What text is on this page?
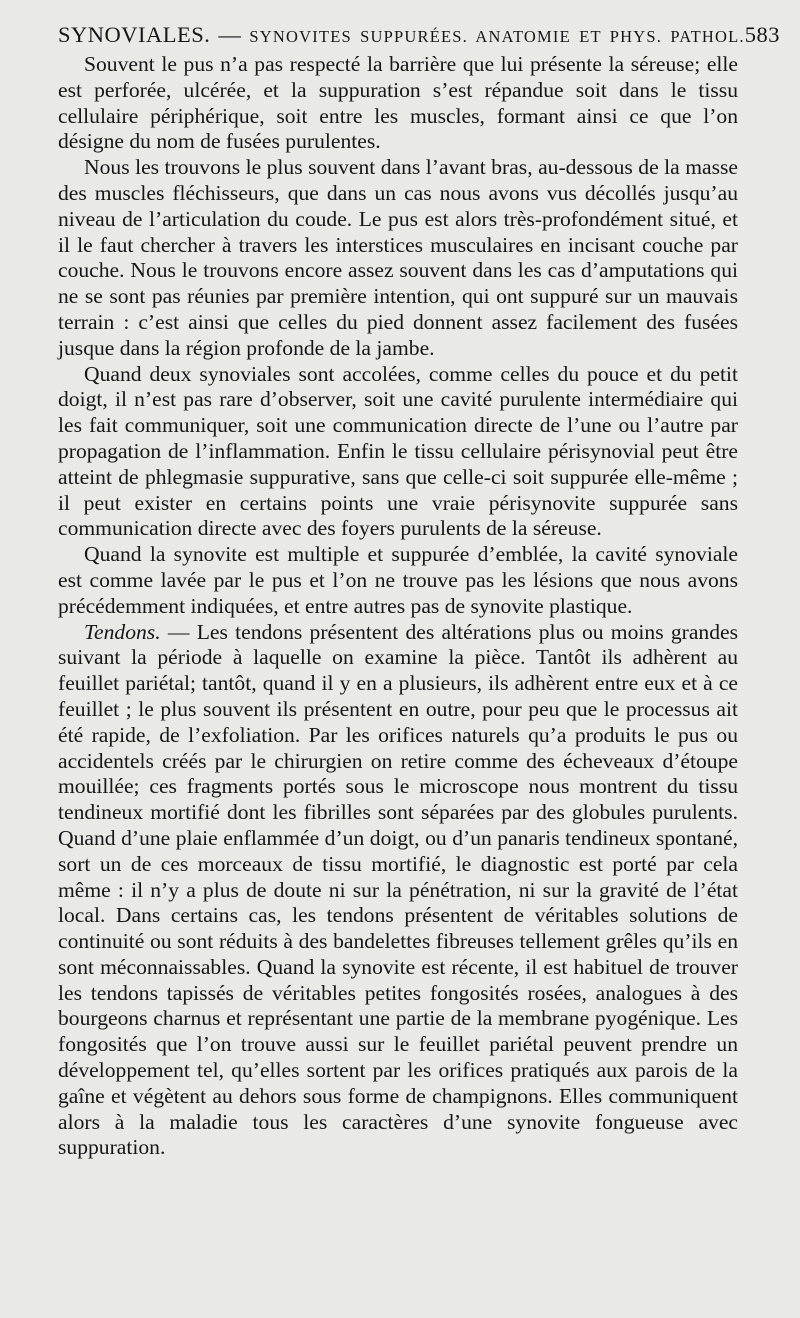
SYNOVIALES. — SYNOVITES SUPPURÉES. ANATOMIE ET PHYS. PATHOL. 583

Souvent le pus n’a pas respecté la barrière que lui présente la séreuse; elle est perforée, ulcérée, et la suppuration s’est répandue soit dans le tissu cellulaire périphérique, soit entre les muscles, formant ainsi ce que l’on désigne du nom de fusées purulentes.

Nous les trouvons le plus souvent dans l’avant bras, au-dessous de la masse des muscles fléchisseurs, que dans un cas nous avons vus décollés jusqu’au niveau de l’articulation du coude. Le pus est alors très-profondément situé, et il le faut chercher à travers les interstices musculaires en incisant couche par couche. Nous le trouvons encore assez souvent dans les cas d’amputations qui ne se sont pas réunies par première intention, qui ont suppuré sur un mauvais terrain : c’est ainsi que celles du pied donnent assez facilement des fusées jusque dans la région profonde de la jambe.

Quand deux synoviales sont accolées, comme celles du pouce et du petit doigt, il n’est pas rare d’observer, soit une cavité purulente intermédiaire qui les fait communiquer, soit une communication directe de l’une ou l’autre par propagation de l’inflammation. Enfin le tissu cellulaire périsynovial peut être atteint de phlegmasie suppurative, sans que celle-ci soit suppurée elle-même ; il peut exister en certains points une vraie périsynovite suppurée sans communication directe avec des foyers purulents de la séreuse.

Quand la synovite est multiple et suppurée d’emblée, la cavité synoviale est comme lavée par le pus et l’on ne trouve pas les lésions que nous avons précédemment indiquées, et entre autres pas de synovite plastique.

Tendons. — Les tendons présentent des altérations plus ou moins grandes suivant la période à laquelle on examine la pièce. Tantôt ils adhèrent au feuillet pariétal; tantôt, quand il y en a plusieurs, ils adhèrent entre eux et à ce feuillet ; le plus souvent ils présentent en outre, pour peu que le processus ait été rapide, de l’exfoliation. Par les orifices naturels qu’a produits le pus ou accidentels créés par le chirurgien on retire comme des écheveaux d’étoupe mouillée; ces fragments portés sous le microscope nous montrent du tissu tendineux mortifié dont les fibrilles sont séparées par des globules purulents. Quand d’une plaie enflammée d’un doigt, ou d’un panaris tendineux spontané, sort un de ces morceaux de tissu mortifié, le diagnostic est porté par cela même : il n’y a plus de doute ni sur la pénétration, ni sur la gravité de l’état local. Dans certains cas, les tendons présentent de véritables solutions de continuité ou sont réduits à des bandelettes fibreuses tellement grêles qu’ils en sont méconnaissables. Quand la synovite est récente, il est habituel de trouver les tendons tapissés de véritables petites fongosités rosées, analogues à des bourgeons charnus et représentant une partie de la membrane pyogénique. Les fongosités que l’on trouve aussi sur le feuillet pariétal peuvent prendre un développement tel, qu’elles sortent par les orifices pratiqués aux parois de la gaîne et végètent au dehors sous forme de champignons. Elles communiquent alors à la maladie tous les caractères d’une synovite fongueuse avec suppuration.
